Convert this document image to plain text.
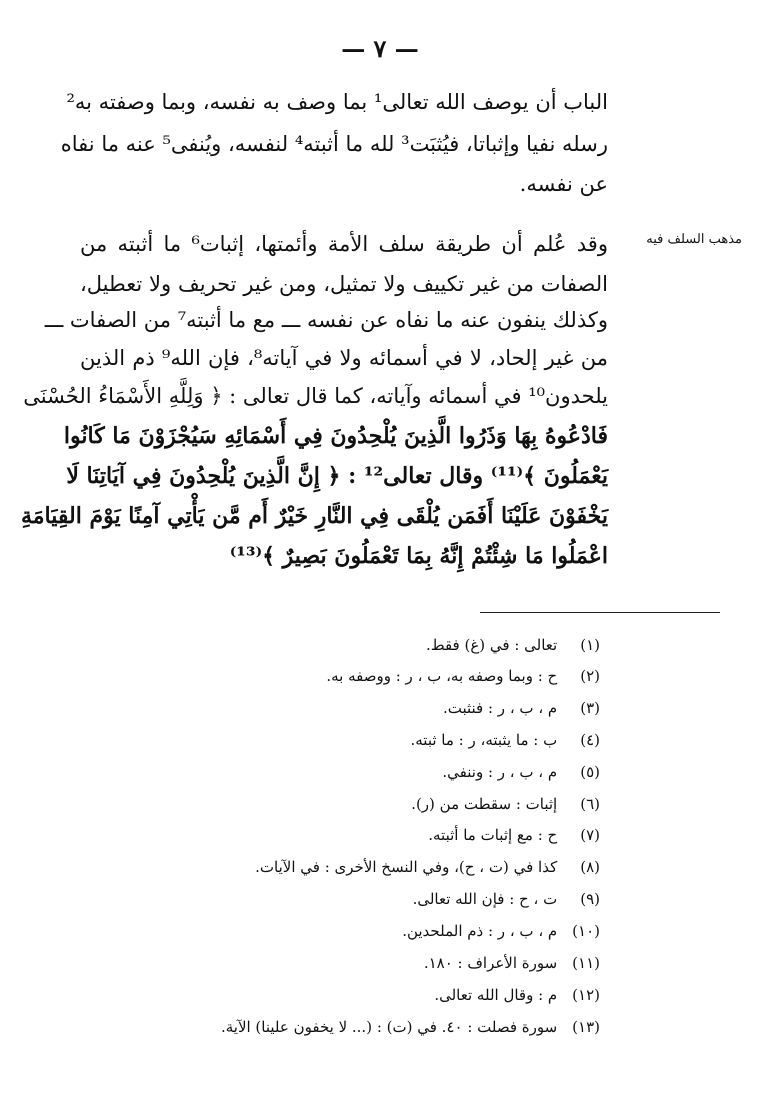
— ٧ —
الباب أن يوصف الله تعالى¹ بما وصف به نفسه، وبما وصفته به²
رسله نفيا وإثباتا، فيُثبَت³ لله ما أثبته⁴ لنفسه، ويُنفى⁵ عنه ما نفاه
عن نفسه.
مذهب السلف فيه
وقد عُلم أن طريقة سلف الأمة وأئمتها، إثبات⁶ ما أثبته من
الصفات من غير تكييف ولا تمثيل، ومن غير تحريف ولا تعطيل،
وكذلك ينفون عنه ما نفاه عن نفسه ـــ مع ما أثبته⁷ من الصفات ـــ
من غير إلحاد، لا في أسمائه ولا في آياته⁸، فإن الله⁹ ذم الذين
يلحدون¹⁰ في أسمائه وآياته، كما قال تعالى : ﴿ وَلِلَّهِ الأَسْمَاءُ الحُسْنَى
فَادْعُوهُ بِهَا وَذَرُوا الَّذِينَ يُلْحِدُونَ فِي أَسْمَائِهِ سَيُجْزَوْنَ مَا كَانُوا
يَعْمَلُونَ ﴾⁽¹¹⁾ وقال تعالى¹² : ﴿ إِنَّ الَّذِينَ يُلْحِدُونَ فِي آيَاتِنَا لَا
يَخْفَوْنَ عَلَيْنَا أَفَمَن يُلْقَى فِي النَّارِ خَيْرٌ أَم مَّن يَأْتِي آمِنًا يَوْمَ القِيَامَةِ
اعْمَلُوا مَا شِئْتُمْ إِنَّهُ بِمَا تَعْمَلُونَ بَصِيرٌ ﴾⁽¹³⁾
(١) تعالى : في (غ) فقط.
(٢) ح : وبما وصفه به، ب ، ر : ووصفه به.
(٣) م ، ب ، ر : فنثبت.
(٤) ب : ما يثبته، ر : ما ثبته.
(٥) م ، ب ، ر : وننفي.
(٦) إثبات : سقطت من (ر).
(٧) ح : مع إثبات ما أثبته.
(٨) كذا في (ت ، ح)، وفي النسخ الأخرى : في الآيات.
(٩) ت ، ح : فإن الله تعالى.
(١٠) م ، ب ، ر : ذم الملحدين.
(١١) سورة الأعراف : ١٨٠.
(١٢) م : وقال الله تعالى.
(١٣) سورة فصلت : ٤٠. في (ت) : (... لا يخفون علينا) الآية.
